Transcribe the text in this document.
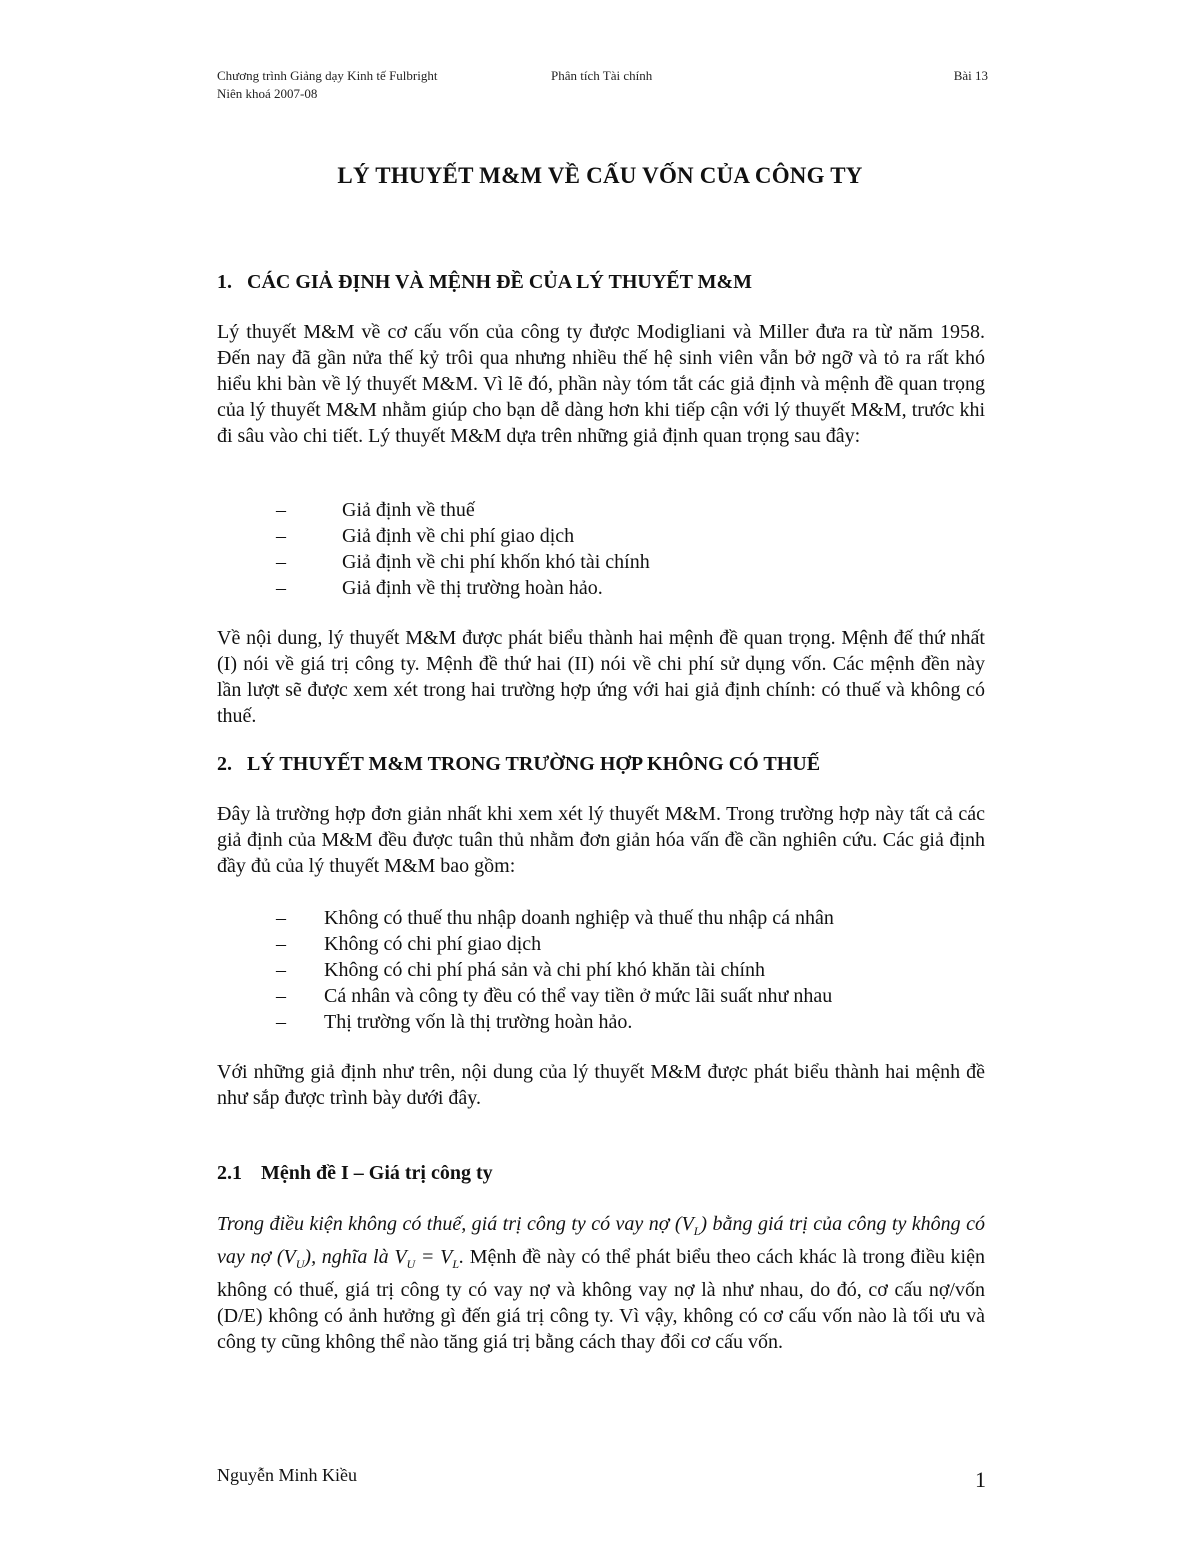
Chương trình Giảng dạy Kinh tế Fulbright
Niên khoá 2007-08
Phân tích Tài chính	Bài 13
LÝ THUYẾT M&M VỀ CẤU VỐN CỦA CÔNG TY
1. CÁC GIẢ ĐỊNH VÀ MỆNH ĐỀ CỦA LÝ THUYẾT M&M
Lý thuyết M&M về cơ cấu vốn của công ty được Modigliani và Miller đưa ra từ năm 1958. Đến nay đã gần nửa thế kỷ trôi qua nhưng nhiều thế hệ sinh viên vẫn bở ngỡ và tỏ ra rất khó hiểu khi bàn về lý thuyết M&M. Vì lẽ đó, phần này tóm tắt các giả định và mệnh đề quan trọng của lý thuyết M&M nhằm giúp cho bạn dễ dàng hơn khi tiếp cận với lý thuyết M&M, trước khi đi sâu vào chi tiết. Lý thuyết M&M dựa trên những giả định quan trọng sau đây:
–	Giả định về thuế
–	Giả định về chi phí giao dịch
–	Giả định về chi phí khốn khó tài chính
–	Giả định về thị trường hoàn hảo.
Về nội dung, lý thuyết M&M được phát biểu thành hai mệnh đề quan trọng. Mệnh đế thứ nhất (I) nói về giá trị công ty. Mệnh đề thứ hai (II) nói về chi phí sử dụng vốn. Các mệnh đền này lần lượt sẽ được xem xét trong hai trường hợp ứng với hai giả định chính: có thuế và không có thuế.
2. LÝ THUYẾT M&M TRONG TRƯỜNG HỢP KHÔNG CÓ THUẾ
Đây là trường hợp đơn giản nhất khi xem xét lý thuyết M&M. Trong trường hợp này tất cả các giả định của M&M đều được tuân thủ nhằm đơn giản hóa vấn đề cần nghiên cứu. Các giả định đầy đủ của lý thuyết M&M bao gồm:
– Không có thuế thu nhập doanh nghiệp và thuế thu nhập cá nhân
– Không có chi phí giao dịch
– Không có chi phí phá sản và chi phí khó khăn tài chính
– Cá nhân và công ty đều có thể vay tiền ở mức lãi suất như nhau
– Thị trường vốn là thị trường hoàn hảo.
Với những giả định như trên, nội dung của lý thuyết M&M được phát biểu thành hai mệnh đề như sắp được trình bày dưới đây.
2.1 Mệnh đề I – Giá trị công ty
Trong điều kiện không có thuế, giá trị công ty có vay nợ $(V_L)$ bằng giá trị của công ty không có vay nợ $(V_U)$, nghĩa là $V_U = V_L$. Mệnh đề này có thể phát biểu theo cách khác là trong điều kiện không có thuế, giá trị công ty có vay nợ và không vay nợ là như nhau, do đó, cơ cấu nợ/vốn (D/E) không có ảnh hưởng gì đến giá trị công ty. Vì vậy, không có cơ cấu vốn nào là tối ưu và công ty cũng không thể nào tăng giá trị bằng cách thay đổi cơ cấu vốn.
Nguyễn Minh Kiều	1
